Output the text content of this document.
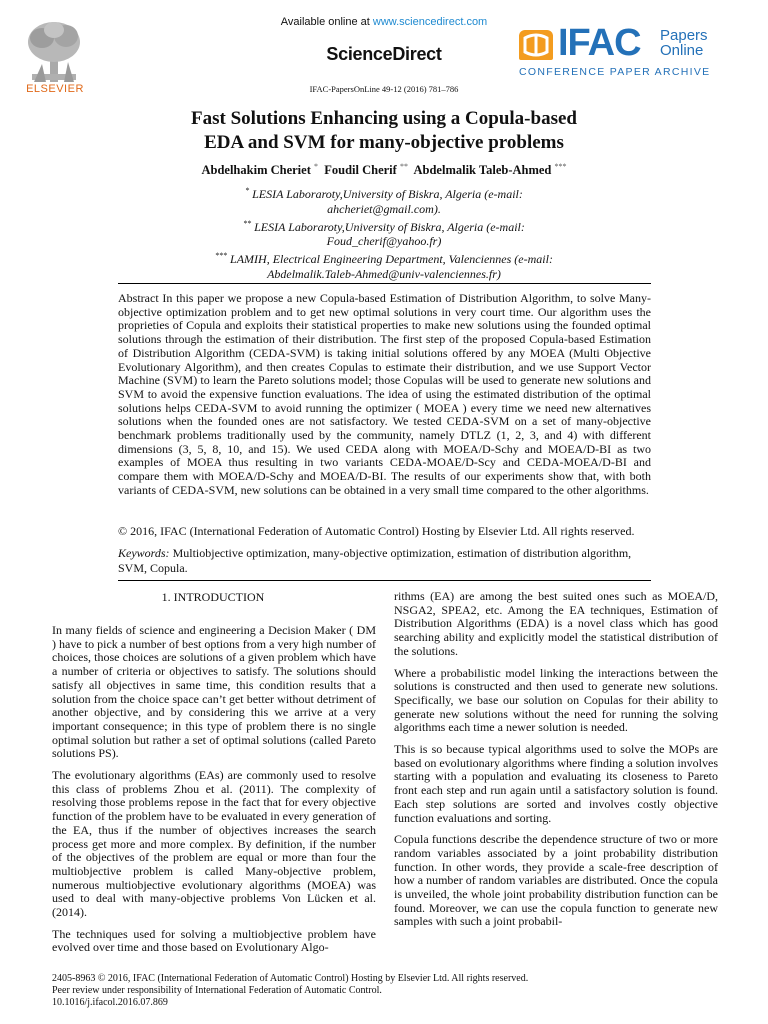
Available online at www.sciencedirect.com
ScienceDirect
ELSEVIER	IFAC-PapersOnLine 49-12 (2016) 781–786
IFAC Papers
Online
CONFERENCE PAPER ARCHIVE
Fast Solutions Enhancing using a Copula-based
EDA and SVM for many-objective problems
Abdelhakim Cheriet * Foudil Cherif ** Abdelmalik Taleb-Ahmed ***
* LESIA Laboraroty,University of Biskra, Algeria (e-mail:
ahcheriet@gmail.com).
** LESIA Laboraroty,University of Biskra, Algeria (e-mail:
Foud_cherif@yahoo.fr)
*** LAMIH, Electrical Engineering Department, Valenciennes (e-mail:
Abdelmalik.Taleb-Ahmed@univ-valenciennes.fr)
Abstract In this paper we propose a new Copula-based Estimation of Distribution Algorithm, to solve Many-objective optimization problem and to get new optimal solutions in very court time. Our algorithm uses the proprieties of Copula and exploits their statistical properties to make new solutions using the founded optimal solutions through the estimation of their distribution. The first step of the proposed Copula-based Estimation of Distribution Algorithm (CEDA-SVM) is taking initial solutions offered by any MOEA (Multi Objective Evolutionary Algorithm), and then creates Copulas to estimate their distribution, and we use Support Vector Machine (SVM) to learn the Pareto solutions model; those Copulas will be used to generate new solutions and SVM to avoid the expensive function evaluations. The idea of using the estimated distribution of the optimal solutions helps CEDA-SVM to avoid running the optimizer ( MOEA ) every time we need new alternatives solutions when the founded ones are not satisfactory. We tested CEDA-SVM on a set of many-objective benchmark problems traditionally used by the community, namely DTLZ (1, 2, 3, and 4) with different dimensions (3, 5, 8, 10, and 15). We used CEDA along with MOEA/D-Schy and MOEA/D-BI as two examples of MOEA thus resulting in two variants CEDA-MOAE/D-Scy and CEDA-MOEA/D-BI and compare them with MOEA/D-Schy and MOEA/D-BI. The results of our experiments show that, with both variants of CEDA-SVM, new solutions can be obtained in a very small time compared to the other algorithms.
© 2016, IFAC (International Federation of Automatic Control) Hosting by Elsevier Ltd. All rights reserved.
Keywords: Multiobjective optimization, many-objective optimization, estimation of distribution algorithm, SVM, Copula.
1. INTRODUCTION

In many fields of science and engineering a Decision Maker ( DM ) have to pick a number of best options from a very high number of choices, those choices are solutions of a given problem which have a number of criteria or objectives to satisfy. The solutions should satisfy all objectives in same time, this condition results that a solution from the choice space can’t get better without detriment of another objective, and by considering this we arrive at a very important consequence; in this type of problem there is no single optimal solution but rather a set of optimal solutions (called Pareto solutions PS).

The evolutionary algorithms (EAs) are commonly used to resolve this class of problems Zhou et al. (2011). The complexity of resolving those problems repose in the fact that for every objective function of the problem have to be evaluated in every generation of the EA, thus if the number of objectives increases the search process get more and more complex. By definition, if the number of the objectives of the problem are equal or more than four the multiobjective problem is called Many-objective problem, numerous multiobjective evolutionary algorithms (MOEA) was used to deal with many-objective problems Von Lücken et al. (2014).

The techniques used for solving a multiobjective problem have evolved over time and those based on Evolutionary Algo-

rithms (EA) are among the best suited ones such as MOEA/D, NSGA2, SPEA2, etc. Among the EA techniques, Estimation of Distribution Algorithms (EDA) is a novel class which has good searching ability and explicitly model the statistical distribution of the solutions.

Where a probabilistic model linking the interactions between the solutions is constructed and then used to generate new solutions. Specifically, we base our solution on Copulas for their ability to generate new solutions without the need for running the solving algorithms each time a newer solution is needed.

This is so because typical algorithms used to solve the MOPs are based on evolutionary algorithms where finding a solution involves starting with a population and evaluating its closeness to Pareto front each step and run again until a satisfactory solution is found. Each step solutions are sorted and involves costly objective function evaluations and sorting.

Copula functions describe the dependence structure of two or more random variables associated by a joint probability distribution function. In other words, they provide a scale-free description of how a number of random variables are distributed. Once the copula is unveiled, the whole joint probability distribution function can be found. Moreover, we can use the copula function to generate new samples with such a joint probabil-

2405-8963 © 2016, IFAC (International Federation of Automatic Control) Hosting by Elsevier Ltd. All rights reserved.
Peer review under responsibility of International Federation of Automatic Control.
10.1016/j.ifacol.2016.07.869
